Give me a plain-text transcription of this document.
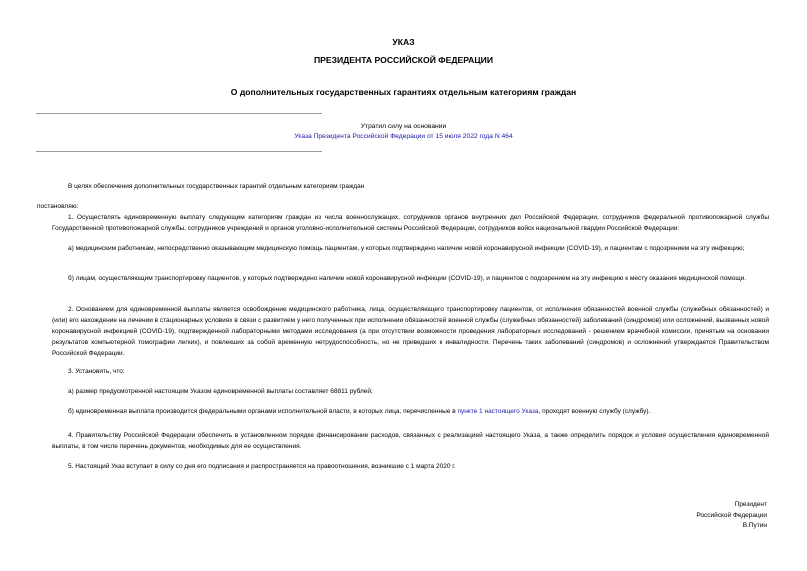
УКАЗ
ПРЕЗИДЕНТА РОССИЙСКОЙ ФЕДЕРАЦИИ
О дополнительных государственных гарантиях отдельным категориям граждан
Утратил силу на основании
Указа Президента Российской Федерации от 15 июля 2022 года N 464

В целях обеспечения дополнительных государственных гарантий отдельным категориям граждан

постановляю:

1. Осуществлять единовременную выплату следующим категориям граждан из числа военнослужащих, сотрудников органов внутренних дел Российской Федерации, сотрудников федеральной противопожарной службы Государственной противопожарной службы, сотрудников учреждений и органов уголовно-исполнительной системы Российской Федерации, сотрудников войск национальной гвардии Российской Федерации:

а) медицинским работникам, непосредственно оказывающим медицинскую помощь пациентам, у которых подтверждено наличие новой коронавирусной инфекции (COVID-19), и пациентам с подозрением на эту инфекцию;

б) лицам, осуществляющим транспортировку пациентов, у которых подтверждено наличие новой коронавирусной инфекции (COVID-19), и пациентов с подозрением на эту инфекцию к месту оказания медицинской помощи.

2. Основанием для единовременной выплаты является освобождение медицинского работника, лица, осуществляющего транспортировку пациентов, от исполнения обязанностей военной службы (служебных обязанностей) и (или) его нахождение на лечении в стационарных условиях в связи с развитием у него полученных при исполнении обязанностей военной службы (служебных обязанностей) заболеваний (синдромов) или осложнений, вызванных новой коронавирусной инфекцией (COVID-19), подтвержденной лабораторными методами исследования (а при отсутствии возможности проведения лабораторных исследований - решением врачебной комиссии, принятым на основании результатов компьютерной томографии легких), и повлекших за собой временную нетрудоспособность, но не приведших к инвалидности. Перечень таких заболеваний (синдромов) и осложнений утверждается Правительством Российской Федерации.

3. Установить, что:

а) размер предусмотренной настоящим Указом единовременной выплаты составляет 68811 рублей;

б) единовременная выплата производится федеральными органами исполнительной власти, в которых лица, перечисленные в пункте 1 настоящего Указа, проходят военную службу (службу).

4. Правительству Российской Федерации обеспечить в установленном порядке финансирование расходов, связанных с реализацией настоящего Указа, а также определить порядок и условия осуществления единовременной выплаты, в том числе перечень документов, необходимых для ее осуществления.

5. Настоящий Указ вступает в силу со дня его подписания и распространяется на правоотношения, возникшие с 1 марта 2020 г.

Президент
Российской Федерации
В.Путин
